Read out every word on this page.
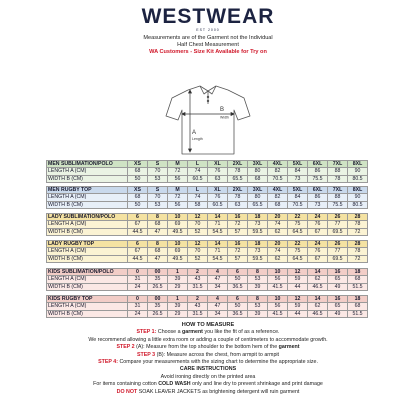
WESTWEAR
EST 2000
Measurements are of the Garment not the Individual
Half Chest Measurement
WA Customers - Size Kit Available for Try on
A
Length
B
Width
MEN SUBLIMATION/POLO	XS	S	M	L	XL	2XL	3XL	4XL	5XL	6XL	7XL	8XL
LENGTH A (CM)	68	70	72	74	76	78	80	82	84	86	88	90
WIDTH B (CM)	50	53	56	60.5	63	65.5	68	70.5	73	75.5	78	80.5
MEN RUGBY TOP	XS	S	M	L	XL	2XL	3XL	4XL	5XL	6XL	7XL	8XL
LENGTH A (CM)	68	70	72	74	76	78	80	82	84	86	88	90
WIDTH B (CM)	50	53	56	58	60.5	63	65.5	68	70.5	73	75.5	80.5
LADY SUBLIMATION/POLO	6	8	10	12	14	16	18	20	22	24	26	28
LENGTH A (CM)	67	68	69	70	71	72	73	74	75	76	77	78
WIDTH B (CM)	44.5	47	49.5	52	54.5	57	59.5	62	64.5	67	69.5	72
LADY RUGBY TOP	6	8	10	12	14	16	18	20	22	24	26	28
LENGTH A (CM)	67	68	69	70	71	72	73	74	75	76	77	78
WIDTH B (CM)	44.5	47	49.5	52	54.5	57	59.5	62	64.5	67	69.5	72
KIDS SUBLIMATION/POLO	0	00	1	2	4	6	8	10	12	14	16	18
LENGTH A (CM)	31	35	39	43	47	50	53	56	59	62	65	68
WIDTH B (CM)	24	26.5	29	31.5	34	36.5	39	41.5	44	46.5	49	51.5
KIDS RUGBY TOP	0	00	1	2	4	6	8	10	12	14	16	18
LENGTH A (CM)	31	35	39	43	47	50	53	56	59	62	65	68
WIDTH B (CM)	24	26.5	29	31.5	34	36.5	39	41.5	44	46.5	49	51.5
HOW TO MEASURE
STEP 1: Choose a garment you like the fit of as a reference.
We recommend allowing a little extra room or adding a couple of centimeters to accommodate growth.
STEP 2 (A): Measure from the top shoulder to the bottom hem of the garment
STEP 3 (B): Measure across the chest, from armpit to armpit
STEP 4: Compare your measurements with the sizing chart to determine the appropriate size.
CARE INSTRUCTIONS
Avoid ironing directly on the printed area
For items containing cotton COLD WASH only and line dry to prevent shrinkage and print damage
DO NOT SOAK LEAVER JACKETS as brightening detergent will ruin garment
